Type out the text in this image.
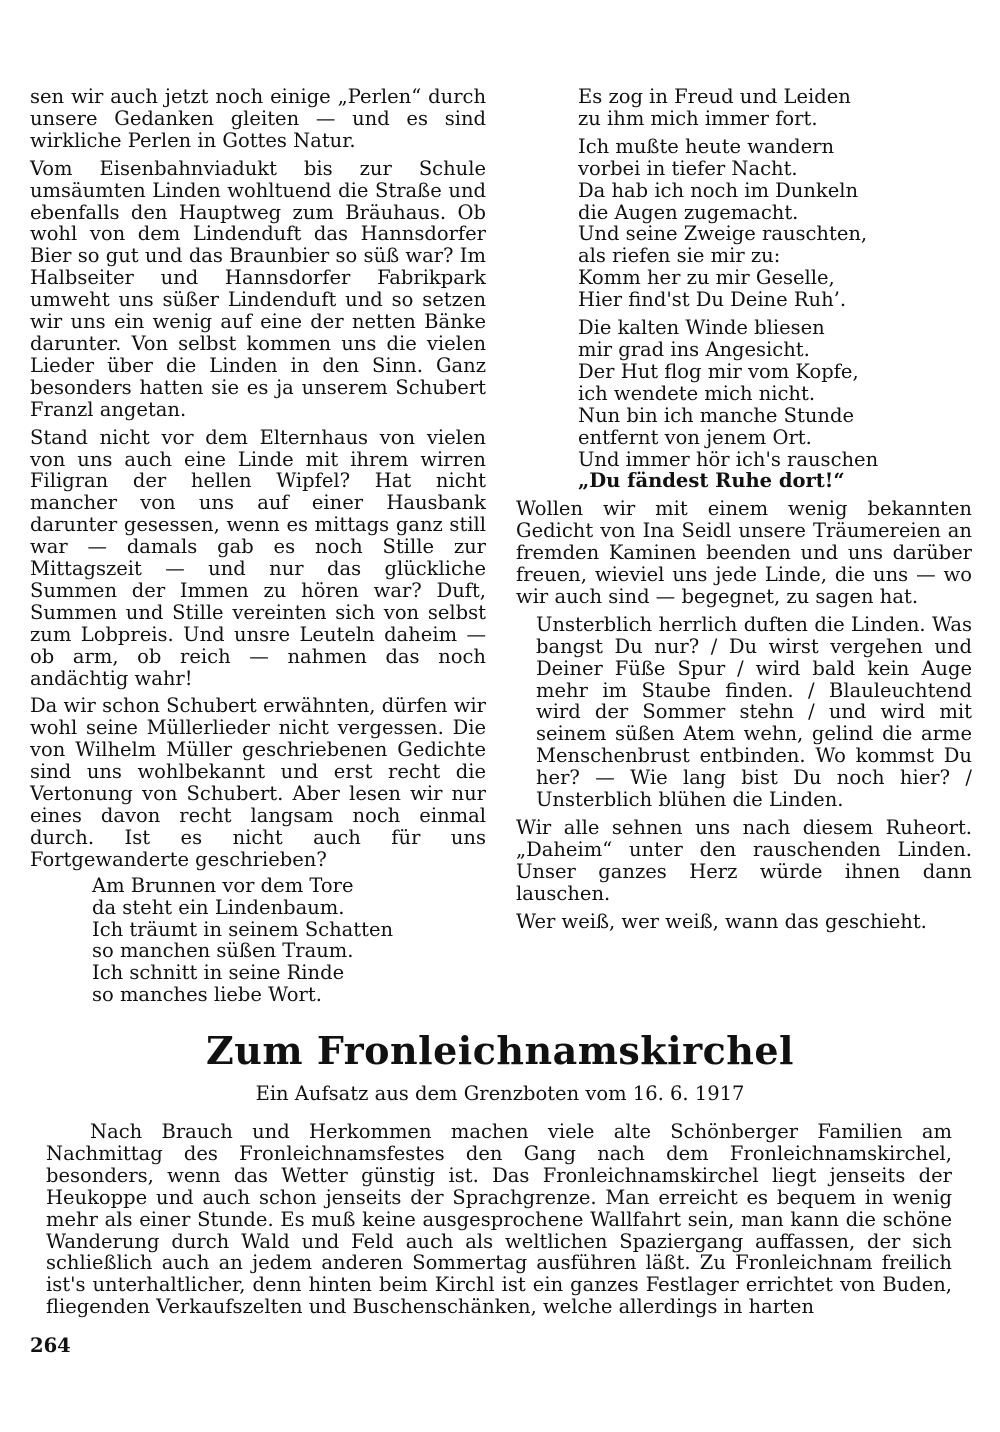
sen wir auch jetzt noch einige „Perlen“ durch unsere Gedanken gleiten — und es sind wirkliche Perlen in Gottes Natur.

Vom Eisenbahnviadukt bis zur Schule umsäumten Linden wohltuend die Straße und ebenfalls den Hauptweg zum Bräuhaus. Ob wohl von dem Lindenduft das Hannsdorfer Bier so gut und das Braunbier so süß war? Im Halbseiter und Hannsdorfer Fabrikpark umweht uns süßer Lindenduft und so setzen wir uns ein wenig auf eine der netten Bänke darunter. Von selbst kommen uns die vielen Lieder über die Linden in den Sinn. Ganz besonders hatten sie es ja unserem Schubert Franzl angetan.

Stand nicht vor dem Elternhaus von vielen von uns auch eine Linde mit ihrem wirren Filigran der hellen Wipfel? Hat nicht mancher von uns auf einer Hausbank darunter gesessen, wenn es mittags ganz still war — damals gab es noch Stille zur Mittagszeit — und nur das glückliche Summen der Immen zu hören war? Duft, Summen und Stille vereinten sich von selbst zum Lobpreis. Und unsre Leuteln daheim — ob arm, ob reich — nahmen das noch andächtig wahr!

Da wir schon Schubert erwähnten, dürfen wir wohl seine Müllerlieder nicht vergessen. Die von Wilhelm Müller geschriebenen Gedichte sind uns wohlbekannt und erst recht die Vertonung von Schubert. Aber lesen wir nur eines davon recht langsam noch einmal durch. Ist es nicht auch für uns Fortgewanderte geschrieben?

Am Brunnen vor dem Tore
da steht ein Lindenbaum.
Ich träumt in seinem Schatten
so manchen süßen Traum.
Ich schnitt in seine Rinde
so manches liebe Wort.
Es zog in Freud und Leiden
zu ihm mich immer fort.
Ich mußte heute wandern
vorbei in tiefer Nacht.
Da hab ich noch im Dunkeln
die Augen zugemacht.
Und seine Zweige rauschten,
als riefen sie mir zu:
Komm her zu mir Geselle,
Hier find'st Du Deine Ruh’.
Die kalten Winde bliesen
mir grad ins Angesicht.
Der Hut flog mir vom Kopfe,
ich wendete mich nicht.
Nun bin ich manche Stunde
entfernt von jenem Ort.
Und immer hör ich's rauschen
„Du fändest Ruhe dort!“

Wollen wir mit einem wenig bekannten Gedicht von Ina Seidl unsere Träumereien an fremden Kaminen beenden und uns darüber freuen, wieviel uns jede Linde, die uns — wo wir auch sind — begegnet, zu sagen hat.

Unsterblich herrlich duften die Linden. Was bangst Du nur? / Du wirst vergehen und Deiner Füße Spur / wird bald kein Auge mehr im Staube finden. / Blauleuchtend wird der Sommer stehn / und wird mit seinem süßen Atem wehn, gelind die arme Menschenbrust entbinden. Wo kommst Du her? — Wie lang bist Du noch hier? / Unsterblich blühen die Linden.

Wir alle sehnen uns nach diesem Ruheort. „Daheim“ unter den rauschenden Linden. Unser ganzes Herz würde ihnen dann lauschen.

Wer weiß, wer weiß, wann das geschieht.

Zum Fronleichnamskirchel
Ein Aufsatz aus dem Grenzboten vom 16. 6. 1917

Nach Brauch und Herkommen machen viele alte Schönberger Familien am Nachmittag des Fronleichnamsfestes den Gang nach dem Fronleichnamskirchel, besonders, wenn das Wetter günstig ist. Das Fronleichnamskirchel liegt jenseits der Heukoppe und auch schon jenseits der Sprachgrenze. Man erreicht es bequem in wenig mehr als einer Stunde. Es muß keine ausgesprochene Wallfahrt sein, man kann die schöne Wanderung durch Wald und Feld auch als weltlichen Spaziergang auffassen, der sich schließlich auch an jedem anderen Sommertag ausführen läßt. Zu Fronleichnam freilich ist's unterhaltlicher, denn hinten beim Kirchl ist ein ganzes Festlager errichtet von Buden, fliegenden Verkaufszelten und Buschenschänken, welche allerdings in harten

264
